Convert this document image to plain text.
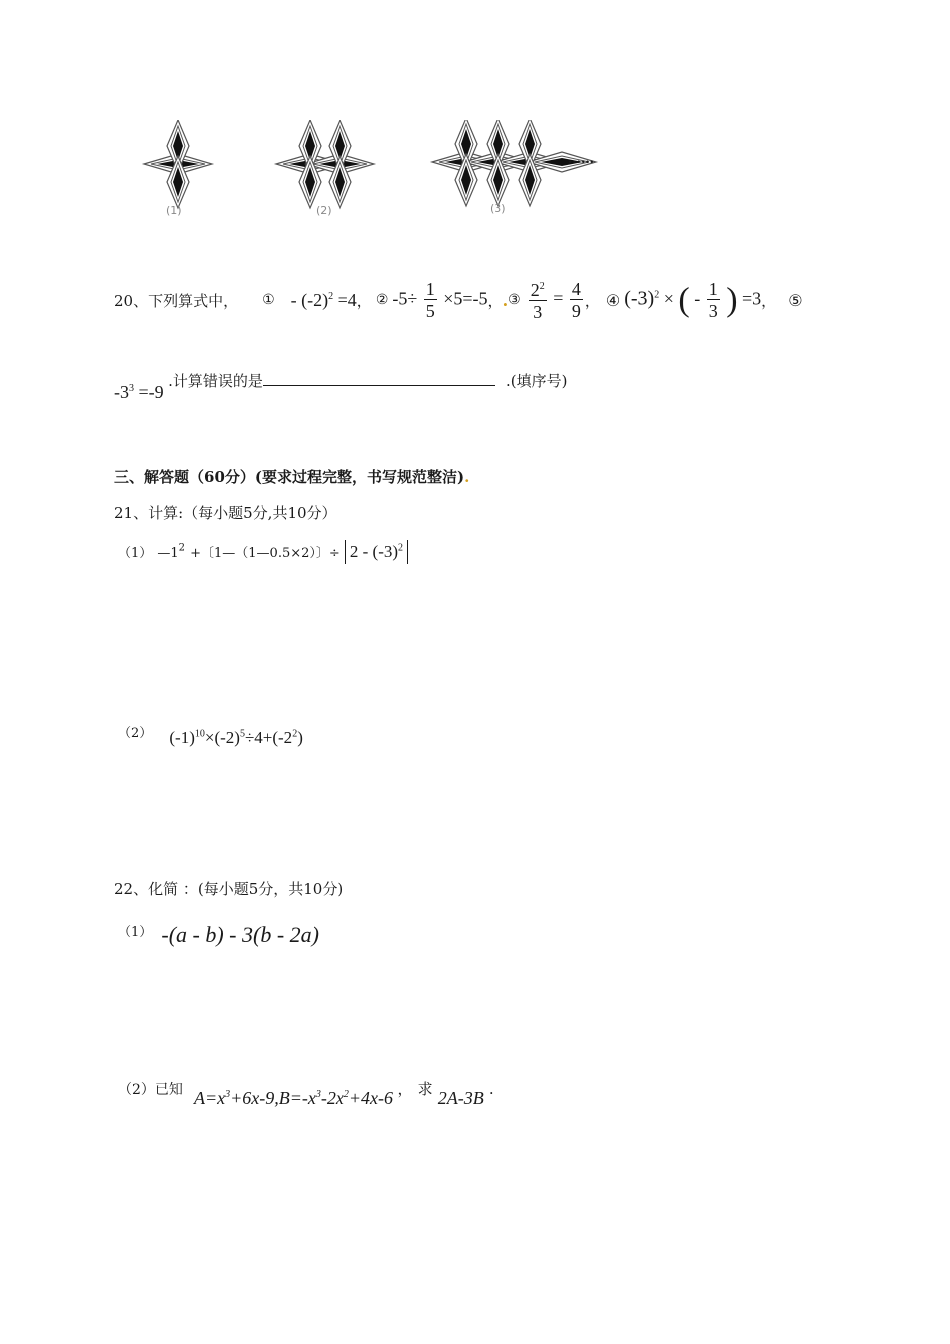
(1)	(2)	(3)
……
20、下列算式中， ① - $(-2)^2 =4$ ， ② $-5\div \frac{1}{5} \times 5=-5$ ， . ③ $\frac{2^2}{3} = \frac{4}{9}$ ， ④ $(-3)^2$ × ( - $\frac{1}{3}$ ) =3 ， ⑤
$-3^3 =-9$ .计算错误的是	.(填序号)
三、解答题（60分）(要求过程完整，书写规范整洁).
21、计算:（每小题5分,共10分）
（1） $—1^2$ +〔1—（1—0.5×2）〕÷ $2 - (-3)^2$
（2） $(-1)^{10}\times(-2)^5\div 4+(-2^2)$
22、化简 ：(每小题5分，共10分)
（1） -(a - b) - 3(b - 2a)
（2）已知 $A=x^3+6x-9,B=-x^3-2x^2+4x-6$ ， 求 2A-3B .
